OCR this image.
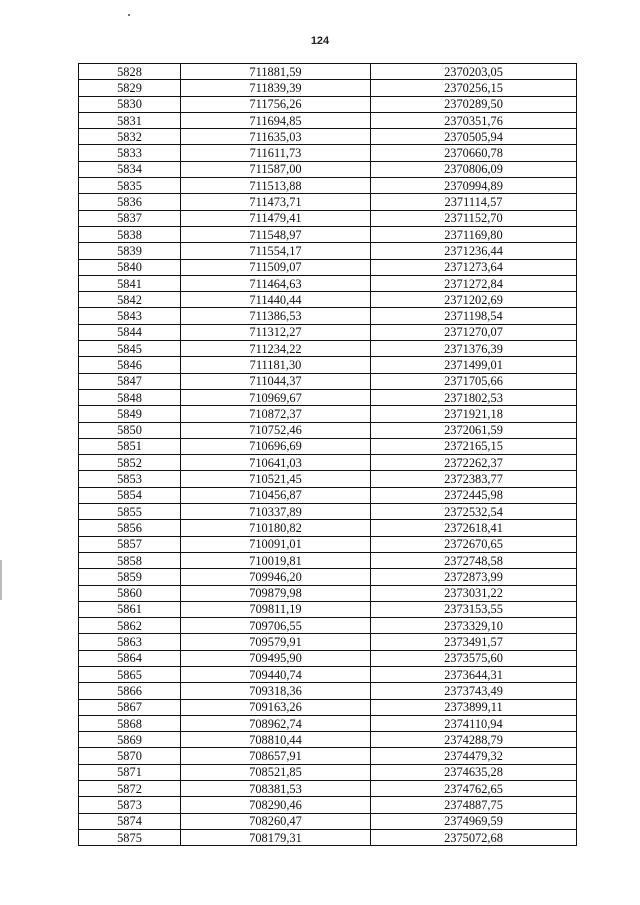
124
5828	711881,59	2370203,05
5829	711839,39	2370256,15
5830	711756,26	2370289,50
5831	711694,85	2370351,76
5832	711635,03	2370505,94
5833	711611,73	2370660,78
5834	711587,00	2370806,09
5835	711513,88	2370994,89
5836	711473,71	2371114,57
5837	711479,41	2371152,70
5838	711548,97	2371169,80
5839	711554,17	2371236,44
5840	711509,07	2371273,64
5841	711464,63	2371272,84
5842	711440,44	2371202,69
5843	711386,53	2371198,54
5844	711312,27	2371270,07
5845	711234,22	2371376,39
5846	711181,30	2371499,01
5847	711044,37	2371705,66
5848	710969,67	2371802,53
5849	710872,37	2371921,18
5850	710752,46	2372061,59
5851	710696,69	2372165,15
5852	710641,03	2372262,37
5853	710521,45	2372383,77
5854	710456,87	2372445,98
5855	710337,89	2372532,54
5856	710180,82	2372618,41
5857	710091,01	2372670,65
5858	710019,81	2372748,58
5859	709946,20	2372873,99
5860	709879,98	2373031,22
5861	709811,19	2373153,55
5862	709706,55	2373329,10
5863	709579,91	2373491,57
5864	709495,90	2373575,60
5865	709440,74	2373644,31
5866	709318,36	2373743,49
5867	709163,26	2373899,11
5868	708962,74	2374110,94
5869	708810,44	2374288,79
5870	708657,91	2374479,32
5871	708521,85	2374635,28
5872	708381,53	2374762,65
5873	708290,46	2374887,75
5874	708260,47	2374969,59
5875	708179,31	2375072,68
